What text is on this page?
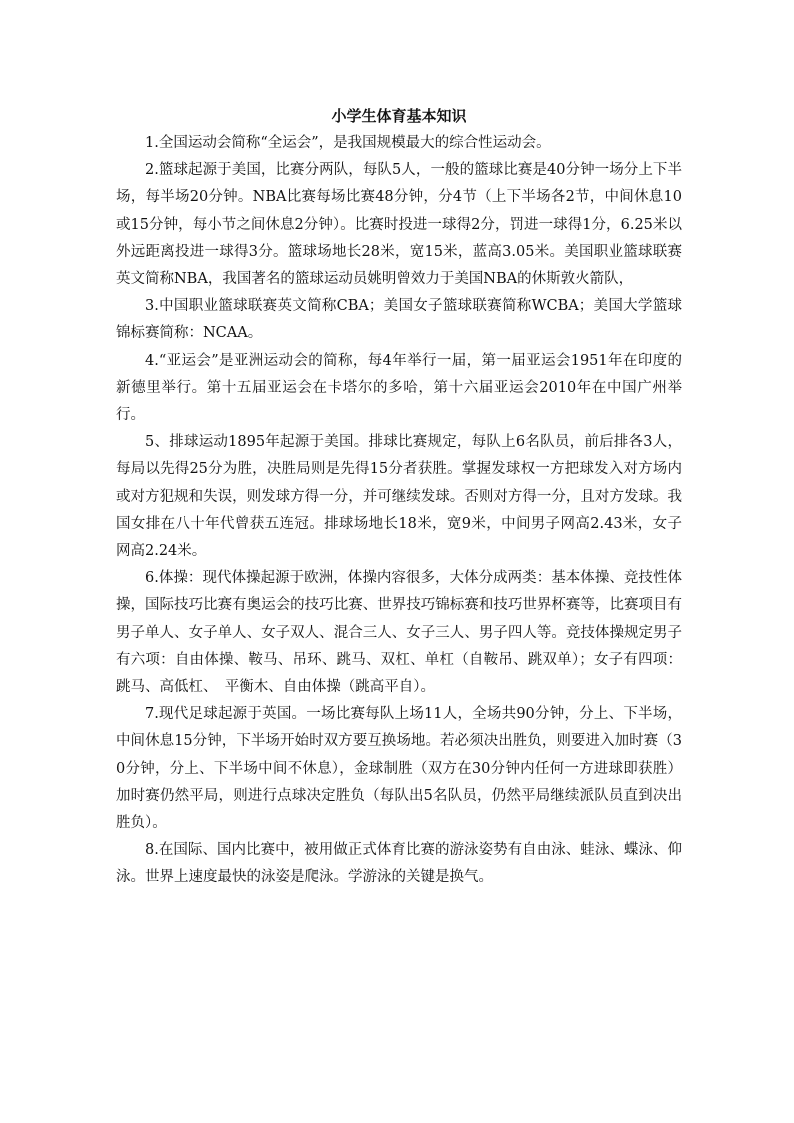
小学生体育基本知识

1.全国运动会简称“全运会”，是我国规模最大的综合性运动会。

2.篮球起源于美国，比赛分两队，每队5人，一般的篮球比赛是40分钟一场分上下半场，每半场20分钟。NBA比赛每场比赛48分钟，分4节（上下半场各2节，中间休息10或15分钟，每小节之间休息2分钟）。比赛时投进一球得2分，罚进一球得1分，6.25米以外远距离投进一球得3分。篮球场地长28米，宽15米，蓝高3.05米。美国职业篮球联赛英文简称NBA，我国著名的篮球运动员姚明曾效力于美国NBA的休斯敦火箭队，

3.中国职业篮球联赛英文简称CBA；美国女子篮球联赛简称WCBA；美国大学篮球锦标赛简称：NCAA。

4.“亚运会”是亚洲运动会的简称，每4年举行一届，第一届亚运会1951年在印度的新德里举行。第十五届亚运会在卡塔尔的多哈，第十六届亚运会2010年在中国广州举行。

5、排球运动1895年起源于美国。排球比赛规定，每队上6名队员，前后排各3人，每局以先得25分为胜，决胜局则是先得15分者获胜。掌握发球权一方把球发入对方场内或对方犯规和失误，则发球方得一分，并可继续发球。否则对方得一分，且对方发球。我国女排在八十年代曾获五连冠。排球场地长18米，宽9米，中间男子网高2.43米，女子网高2.24米。

6.体操：现代体操起源于欧洲，体操内容很多，大体分成两类：基本体操、竞技性体操，国际技巧比赛有奥运会的技巧比赛、世界技巧锦标赛和技巧世界杯赛等，比赛项目有男子单人、女子单人、女子双人、混合三人、女子三人、男子四人等。竞技体操规定男子有六项：自由体操、鞍马、吊环、跳马、双杠、单杠（自鞍吊、跳双单）；女子有四项：跳马、高低杠、　平衡木、自由体操（跳高平自）。

7.现代足球起源于英国。一场比赛每队上场11人，全场共90分钟，分上、下半场，中间休息15分钟，下半场开始时双方要互换场地。若必须决出胜负，则要进入加时赛（30分钟，分上、下半场中间不休息），金球制胜（双方在30分钟内任何一方进球即获胜）加时赛仍然平局，则进行点球决定胜负（每队出5名队员，仍然平局继续派队员直到决出胜负）。

8.在国际、国内比赛中，被用做正式体育比赛的游泳姿势有自由泳、蛙泳、蝶泳、仰泳。世界上速度最快的泳姿是爬泳。学游泳的关键是换气。
